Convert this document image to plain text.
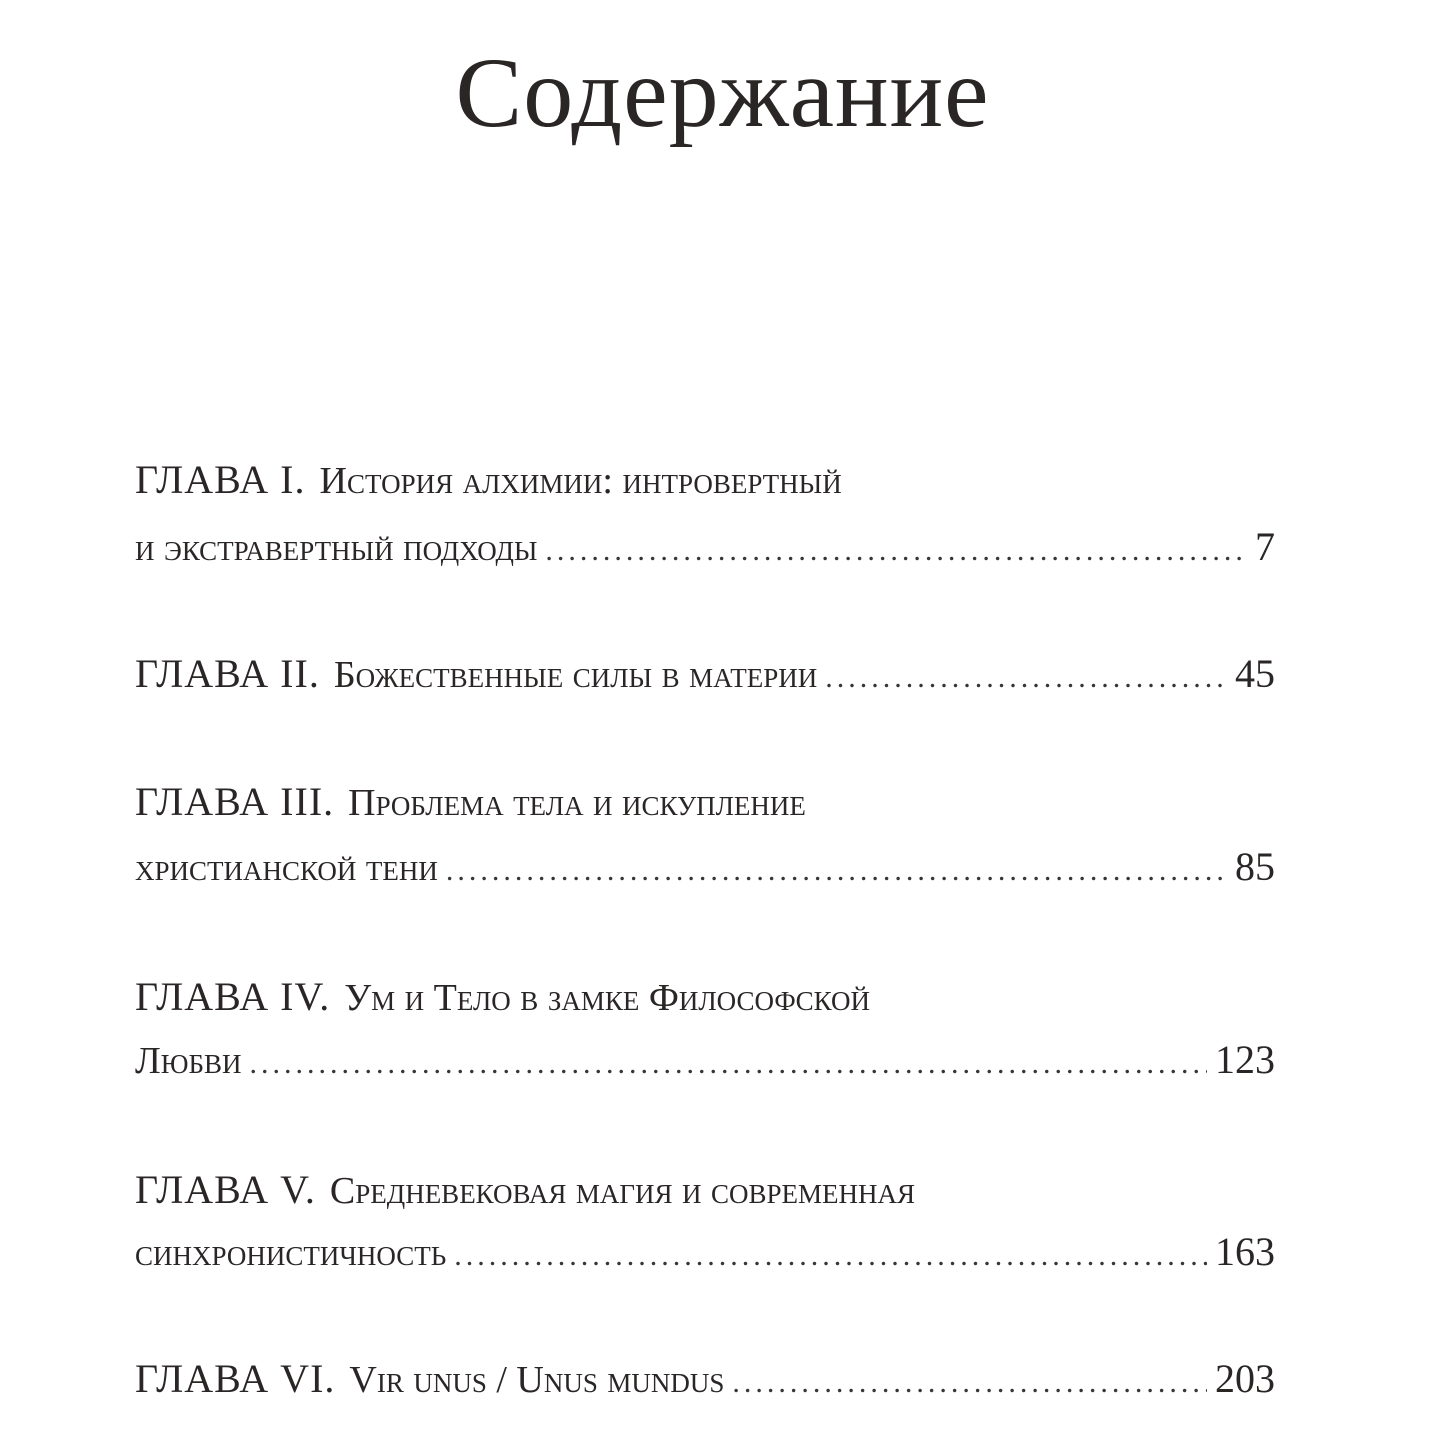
Содержание
ГЛАВА I. История алхимии: интровертный
и экстравертный подходы .....	7
ГЛАВА II. Божественные силы в материи .....	45
ГЛАВА III. Проблема тела и искупление
христианской тени .....	85
ГЛАВА IV. Ум и Тело в замке Философской
Любви .....	123
ГЛАВА V. Средневековая магия и современная
синхронистичность .....	163
ГЛАВА VI. Vir unus / Unus mundus .....	203
